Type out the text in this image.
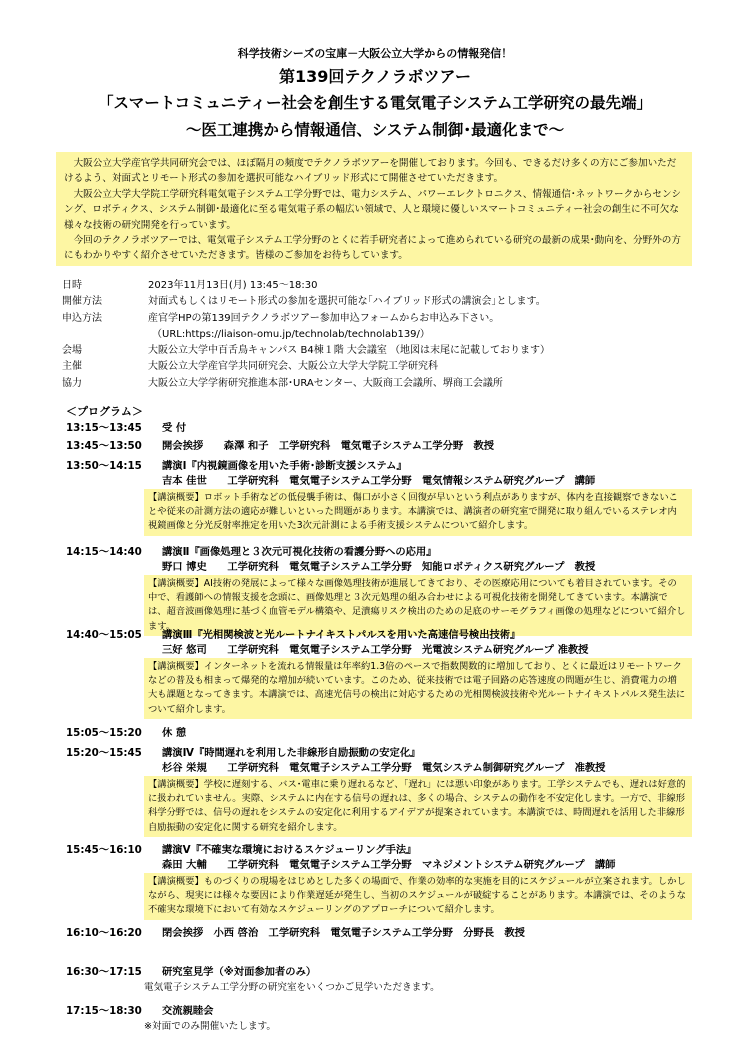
科学技術シーズの宝庫－大阪公立大学からの情報発信！
第139回テクノラボツアー
「スマートコミュニティー社会を創生する電気電子システム工学研究の最先端」
～医工連携から情報通信、システム制御･最適化まで～

大阪公立大学産官学共同研究会では、ほぼ隔月の頻度でテクノラボツアーを開催しております。今回も、できるだけ多くの方にご参加いただけるよう、対面式とリモート形式の参加を選択可能なハイブリッド形式にて開催させていただきます。

大阪公立大学大学院工学研究科電気電子システム工学分野では、電力システム、パワーエレクトロニクス、情報通信･ネットワークからセンシング、ロボティクス、システム制御･最適化に至る電気電子系の幅広い領域で、人と環境に優しいスマートコミュニティー社会の創生に不可欠な様々な技術の研究開発を行っています。

今回のテクノラボツアーでは、電気電子システム工学分野のとくに若手研究者によって進められている研究の最新の成果･動向を、分野外の方にもわかりやすく紹介させていただきます。皆様のご参加をお待ちしています。

日時	2023年11月13日(月) 13:45～18:30
開催方法	対面式もしくはリモート形式の参加を選択可能な｢ハイブリッド形式の講演会｣とします。
申込方法	産官学HPの第139回テクノラボツアー参加申込フォームからお申込み下さい。
（URL:https://liaison-omu.jp/technolab/technolab139/）
会場	大阪公立大学中百舌鳥キャンパス B4棟１階 大会議室 （地図は末尾に記載しております）
主催	大阪公立大学産官学共同研究会、大阪公立大学大学院工学研究科
協力	大阪公立大学学術研究推進本部･URAセンター、大阪商工会議所、堺商工会議所
＜プログラム＞
13:15～13:45	受 付
13:45～13:50	開会挨拶　　森澤 和子　工学研究科　電気電子システム工学分野　教授
13:50～14:15	講演Ⅰ『内視鏡画像を用いた手術･診断支援システム』
吉本 佳世　　工学研究科　電気電子システム工学分野　電気情報システム研究グループ　講師
【講演概要】ロボット手術などの低侵襲手術は、傷口が小さく回復が早いという利点がありますが、体内を直接観察できないことや従来の計測方法の適応が難しいといった問題があります。本講演では、講演者の研究室で開発に取り組んでいるステレオ内視鏡画像と分光反射率推定を用いた3次元計測による手術支援システムについて紹介します。
14:15～14:40	講演Ⅱ『画像処理と３次元可視化技術の看護分野への応用』
野口 博史　　工学研究科　電気電子システム工学分野　知能ロボティクス研究グループ　教授
【講演概要】AI技術の発展によって様々な画像処理技術が進展してきており、その医療応用についても着目されています。その中で、看護師への情報支援を念頭に、画像処理と３次元処理の組み合わせによる可視化技術を開発してきています。本講演では、超音波画像処理に基づく血管モデル構築や、足潰瘍リスク検出のための足底のサーモグラフィ画像の処理などについて紹介します。
14:40～15:05	講演Ⅲ『光相関検波と光ルートナイキストパルスを用いた高速信号検出技術』
三好 悠司　　工学研究科　電気電子システム工学分野　光電波システム研究グループ 准教授
【講演概要】インターネットを流れる情報量は年率約1.3倍のペースで指数関数的に増加しており、とくに最近はリモートワークなどの普及も相まって爆発的な増加が続いています。このため、従来技術では電子回路の応答速度の問題が生じ、消費電力の増大も課題となってきます。本講演では、高速光信号の検出に対応するための光相関検波技術や光ルートナイキストパルス発生法について紹介します。
15:05～15:20	休 憩
15:20～15:45	講演Ⅳ『時間遅れを利用した非線形自励振動の安定化』
杉谷 栄規　　工学研究科　電気電子システム工学分野　電気システム制御研究グループ　准教授
【講演概要】学校に遅刻する、バス･電車に乗り遅れるなど、「遅れ」には悪い印象があります。工学システムでも、遅れは好意的に扱われていません。実際、システムに内在する信号の遅れは、多くの場合、システムの動作を不安定化します。一方で、非線形科学分野では、信号の遅れをシステムの安定化に利用するアイデアが提案されています。本講演では、時間遅れを活用した非線形自励振動の安定化に関する研究を紹介します。
15:45～16:10	講演Ⅴ『不確実な環境におけるスケジューリング手法』
森田 大輔　　工学研究科　電気電子システム工学分野　マネジメントシステム研究グループ　講師
【講演概要】ものづくりの現場をはじめとした多くの場面で、作業の効率的な実施を目的にスケジュールが立案されます。しかしながら、現実には様々な要因により作業遅延が発生し、当初のスケジュールが破綻することがあります。本講演では、そのような不確実な環境下において有効なスケジューリングのアプローチについて紹介します。
16:10～16:20	閉会挨拶　小西 啓治　工学研究科　電気電子システム工学分野　分野長　教授
16:30～17:15	研究室見学（※対面参加者のみ）
電気電子システム工学分野の研究室をいくつかご見学いただきます。
17:15～18:30	交流親睦会
※対面でのみ開催いたします。
